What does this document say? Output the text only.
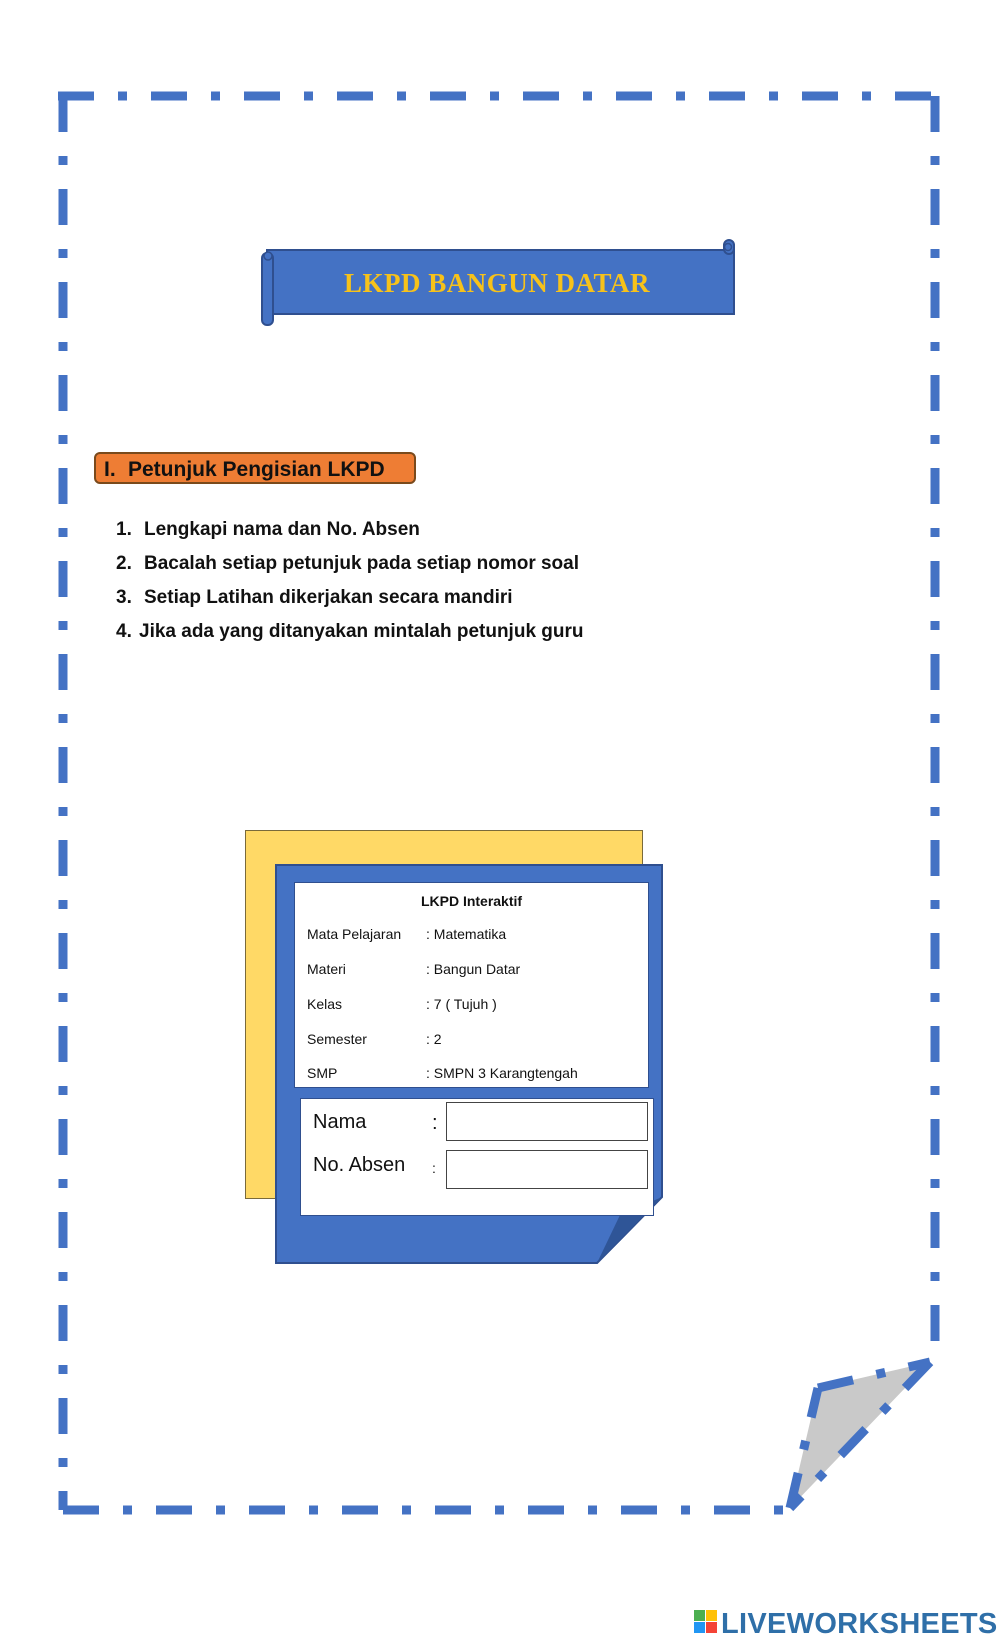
LKPD BANGUN DATAR
I. Petunjuk Pengisian LKPD
1. Lengkapi nama dan No. Absen
2. Bacalah setiap petunjuk pada setiap nomor soal
3. Setiap Latihan dikerjakan secara mandiri
4. Jika ada yang ditanyakan mintalah petunjuk guru
LKPD Interaktif
Mata Pelajaran : Matematika
Materi	: Bangun Datar
Kelas	: 7 ( Tujuh )
Semester	: 2
SMP	: SMPN 3 Karangtengah
Nama	:
No. Absen :
LIVEWORKSHEETS
